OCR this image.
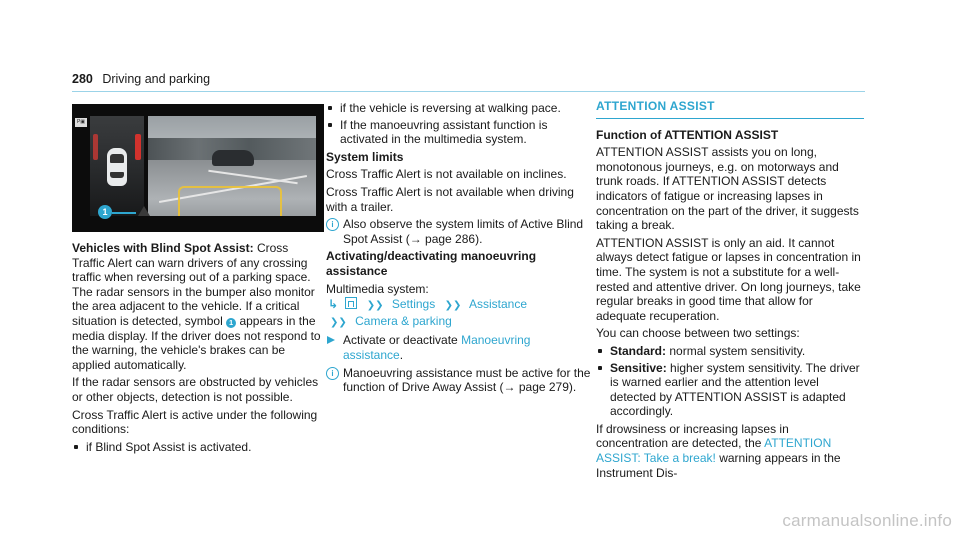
280 Driving and parking
P▣
1

Vehicles with Blind Spot Assist: Cross Traffic Alert can warn drivers of any crossing traffic when reversing out of a parking space. The radar sensors in the bumper also monitor the area adjacent to the vehicle. If a critical situation is detected, symbol 1 appears in the media display. If the driver does not respond to the warning, the vehicle's brakes can be applied automatically.

If the radar sensors are obstructed by vehicles or other objects, detection is not possible.

Cross Traffic Alert is active under the following conditions:

if Blind Spot Assist is activated.
if the vehicle is reversing at walking pace.
If the manoeuvring assistant function is activated in the multimedia system.

System limits

Cross Traffic Alert is not available on inclines.

Cross Traffic Alert is not available when driving with a trailer.

i Also observe the system limits of Active Blind Spot Assist (→ page 286).

Activating/deactivating manoeuvring assistance

Multimedia system:

↳	❯❯ Settings ❯❯ Assistance
❯❯ Camera & parking
Activate or deactivate Manoeuvring assistance.
i Manoeuvring assistance must be active for the function of Drive Away Assist (→ page 279).
ATTENTION ASSIST

Function of ATTENTION ASSIST

ATTENTION ASSIST assists you on long, monotonous journeys, e.g. on motorways and trunk roads. If ATTENTION ASSIST detects indicators of fatigue or increasing lapses in concentration on the part of the driver, it suggests taking a break.

ATTENTION ASSIST is only an aid. It cannot always detect fatigue or lapses in concentration in time. The system is not a substitute for a well-rested and attentive driver. On long journeys, take regular breaks in good time that allow for adequate recuperation.

You can choose between two settings:

Standard: normal system sensitivity.
Sensitive: higher system sensitivity. The driver is warned earlier and the attention level detected by ATTENTION ASSIST is adapted accordingly.

If drowsiness or increasing lapses in concentration are detected, the ATTENTION ASSIST: Take a break! warning appears in the Instrument Dis-

carmanualsonline.info
